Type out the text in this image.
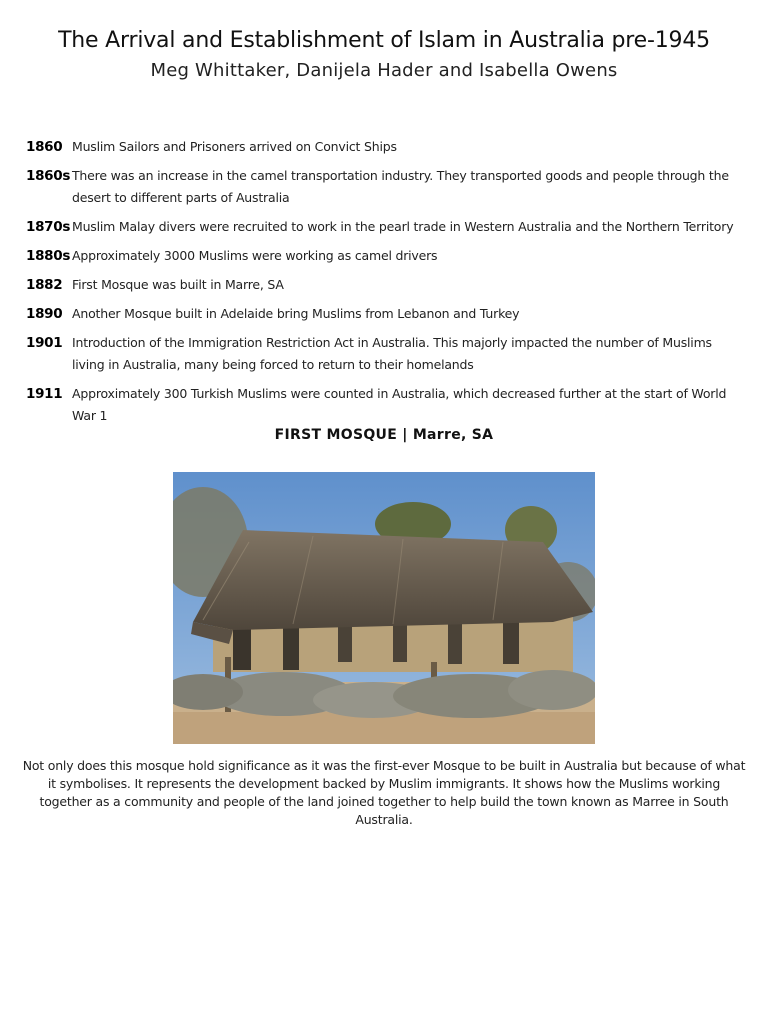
The Arrival and Establishment of Islam in Australia pre-1945
Meg Whittaker, Danijela Hader and Isabella Owens
1860 Muslim Sailors and Prisoners arrived on Convict Ships
1860s There was an increase in the camel transportation industry. They transported goods and people through the desert to different parts of Australia
1870s Muslim Malay divers were recruited to work in the pearl trade in Western Australia and the Northern Territory
1880s Approximately 3000 Muslims were working as camel drivers
1882 First Mosque was built in Marre, SA
1890 Another Mosque built in Adelaide bring Muslims from Lebanon and Turkey
1901 Introduction of the Immigration Restriction Act in Australia. This majorly impacted the number of Muslims living in Australia, many being forced to return to their homelands
1911 Approximately 300 Turkish Muslims were counted in Australia, which decreased further at the start of World War 1
FIRST MOSQUE | Marre, SA
Not only does this mosque hold significance as it was the first-ever Mosque to be built in Australia but because of what it symbolises. It represents the development backed by Muslim immigrants. It shows how the Muslims working together as a community and people of the land joined together to help build the town known as Marree in South Australia.
